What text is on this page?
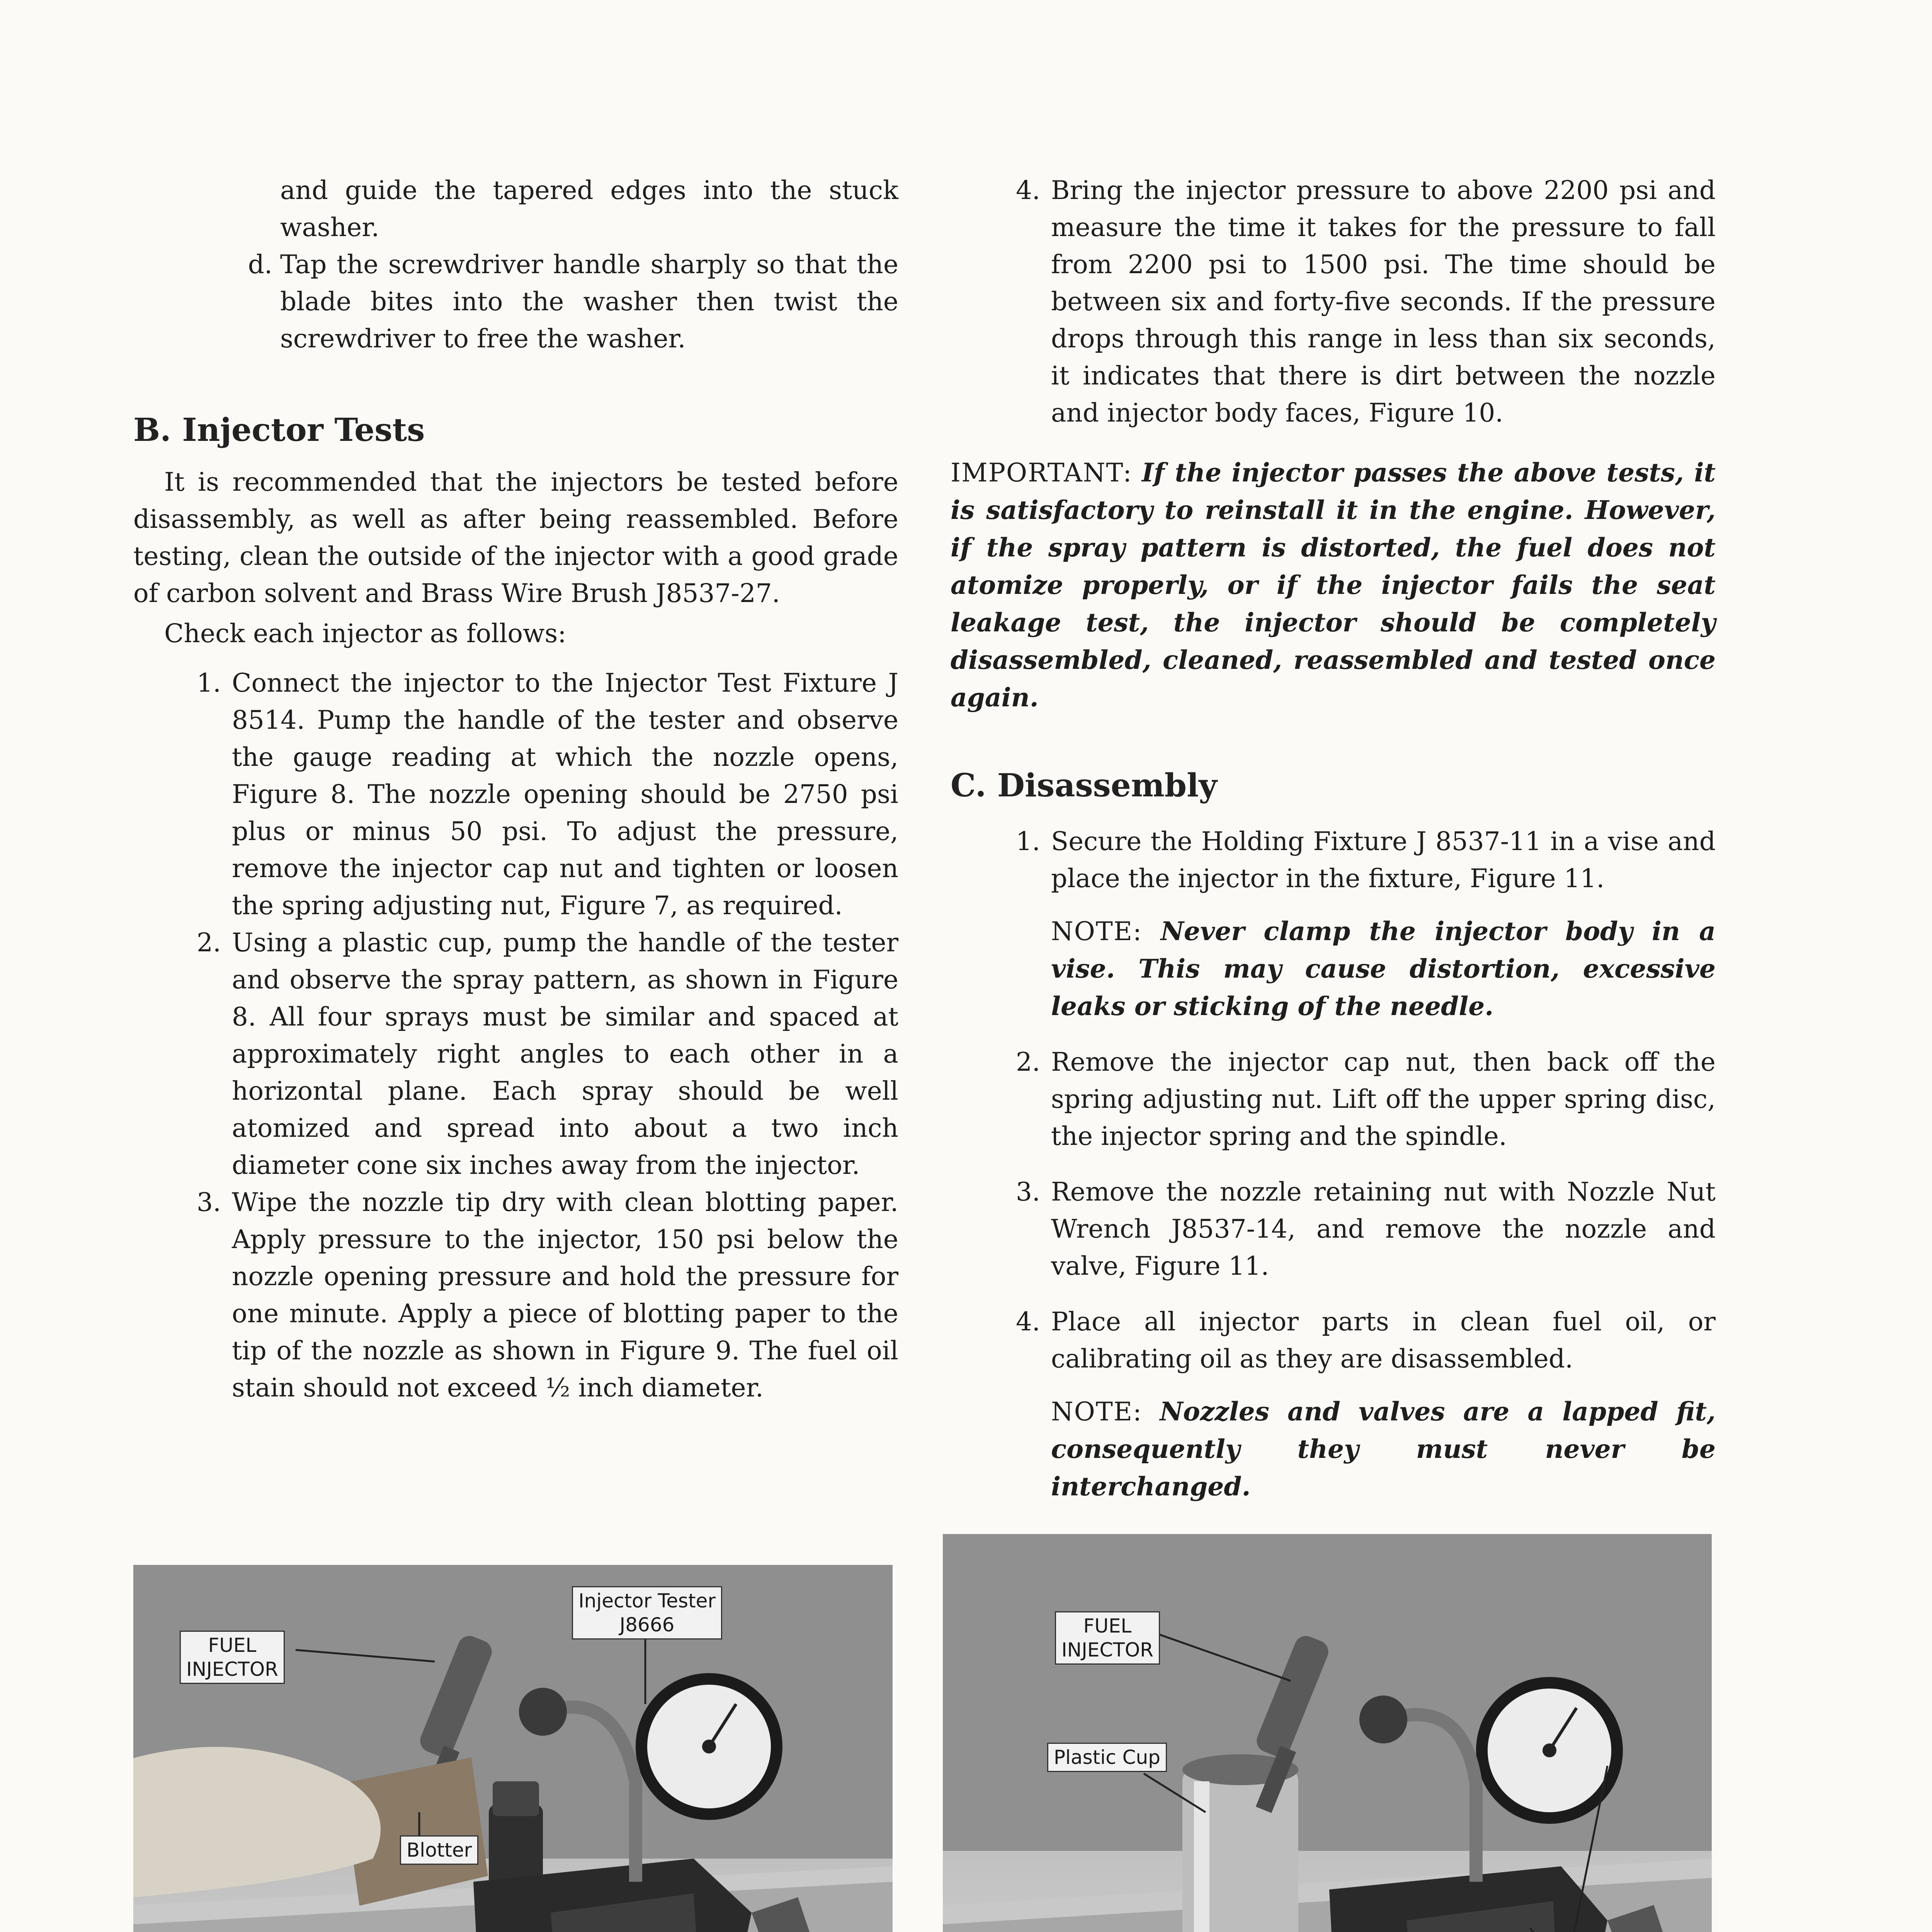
and guide the tapered edges into the stuck washer.

d. Tap the screwdriver handle sharply so that the blade bites into the washer then twist the screwdriver to free the washer.

B. Injector Tests

It is recommended that the injectors be tested before disassembly, as well as after being reassembled. Before testing, clean the outside of the injector with a good grade of carbon solvent and Brass Wire Brush J8537-27.

Check each injector as follows:

1. Connect the injector to the Injector Test Fixture J 8514. Pump the handle of the tester and observe the gauge reading at which the nozzle opens, Figure 8. The nozzle opening should be 2750 psi plus or minus 50 psi. To adjust the pressure, remove the injector cap nut and tighten or loosen the spring adjusting nut, Figure 7, as required.

2. Using a plastic cup, pump the handle of the tester and observe the spray pattern, as shown in Figure 8. All four sprays must be similar and spaced at approximately right angles to each other in a horizontal plane. Each spray should be well atomized and spread into about a two inch diameter cone six inches away from the injector.

3. Wipe the nozzle tip dry with clean blotting paper. Apply pressure to the injector, 150 psi below the nozzle opening pressure and hold the pressure for one minute. Apply a piece of blotting paper to the tip of the nozzle as shown in Figure 9. The fuel oil stain should not exceed ½ inch diameter.

4. Bring the injector pressure to above 2200 psi and measure the time it takes for the pressure to fall from 2200 psi to 1500 psi. The time should be between six and forty-five seconds. If the pressure drops through this range in less than six seconds, it indicates that there is dirt between the nozzle and injector body faces, Figure 10.

IMPORTANT: If the injector passes the above tests, it is satisfactory to reinstall it in the engine. However, if the spray pattern is distorted, the fuel does not atomize properly, or if the injector fails the seat leakage test, the injector should be completely disassembled, cleaned, reassembled and tested once again.

C. Disassembly

1. Secure the Holding Fixture J 8537-11 in a vise and place the injector in the fixture, Figure 11.

NOTE: Never clamp the injector body in a vise. This may cause distortion, excessive leaks or sticking of the needle.

2. Remove the injector cap nut, then back off the spring adjusting nut. Lift off the upper spring disc, the injector spring and the spindle.

3. Remove the nozzle retaining nut with Nozzle Nut Wrench J8537-14, and remove the nozzle and valve, Figure 11.

4. Place all injector parts in clean fuel oil, or calibrating oil as they are disassembled.

NOTE: Nozzles and valves are a lapped fit, consequently they must never be interchanged.

FUEL
INJECTOR
Injector Tester
J8666
Blotter
FUEL
INJECTOR
Plastic Cup
